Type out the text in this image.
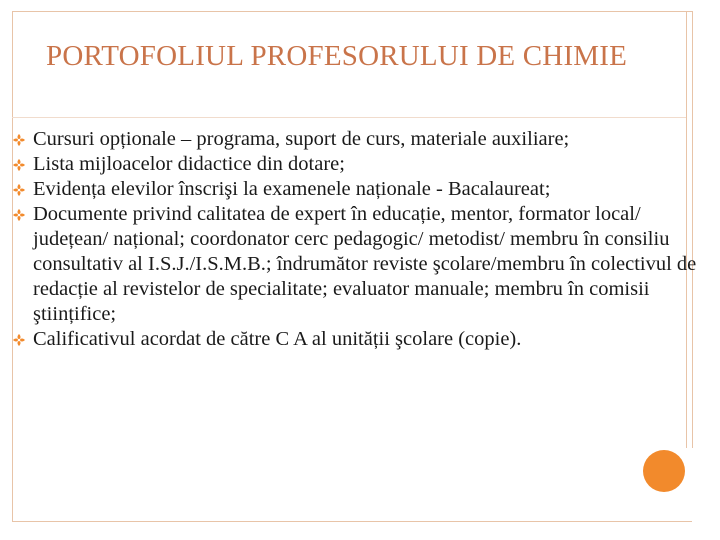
PORTOFOLIUL PROFESORULUI DE CHIMIE
Cursuri opționale – programa, suport de curs, materiale auxiliare;
Lista mijloacelor didactice din dotare;
Evidența elevilor înscrişi la examenele naționale - Bacalaureat;
Documente privind calitatea de expert în educație, mentor, formator local/ județean/ național; coordonator cerc pedagogic/ metodist/ membru în consiliu consultativ al I.S.J./I.S.M.B.; îndrumător reviste şcolare/membru în colectivul de redacție al revistelor de specialitate; evaluator manuale; membru în comisii ştiințifice;
Calificativul acordat de către C A al unității şcolare (copie).
